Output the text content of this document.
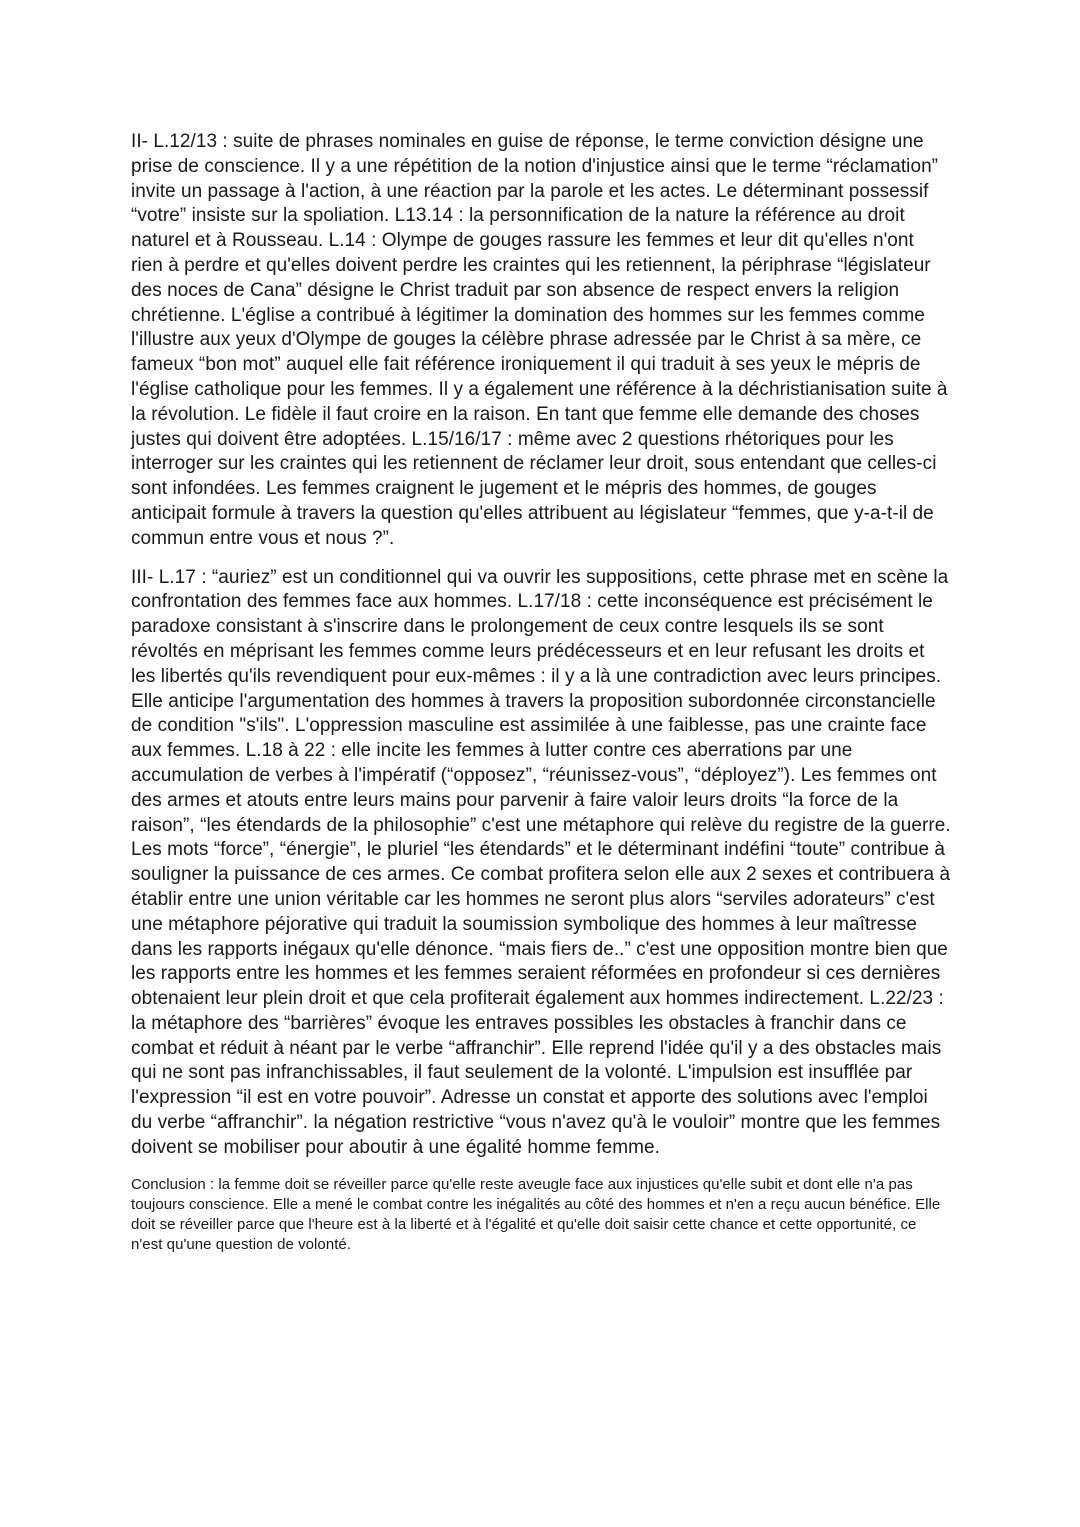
II- L.12/13 : suite de phrases nominales en guise de réponse, le terme conviction désigne une prise de conscience. Il y a une répétition de la notion d'injustice ainsi que le terme “réclamation” invite un passage à l'action, à une réaction par la parole et les actes. Le déterminant possessif “votre” insiste sur la spoliation. L13.14 : la personnification de la nature la référence au droit naturel et à Rousseau. L.14 : Olympe de gouges rassure les femmes et leur dit qu'elles n'ont rien à perdre et qu'elles doivent perdre les craintes qui les retiennent, la périphrase “législateur des noces de Cana” désigne le Christ traduit par son absence de respect envers la religion chrétienne. L'église a contribué à légitimer la domination des hommes sur les femmes comme l'illustre aux yeux d'Olympe de gouges la célèbre phrase adressée par le Christ à sa mère, ce fameux “bon mot” auquel elle fait référence ironiquement il qui traduit à ses yeux le mépris de l'église catholique pour les femmes. Il y a également une référence à la déchristianisation suite à la révolution. Le fidèle il faut croire en la raison. En tant que femme elle demande des choses justes qui doivent être adoptées. L.15/16/17 : même avec 2 questions rhétoriques pour les interroger sur les craintes qui les retiennent de réclamer leur droit, sous entendant que celles-ci sont infondées. Les femmes craignent le jugement et le mépris des hommes, de gouges anticipait formule à travers la question qu'elles attribuent au législateur “femmes, que y-a-t-il de commun entre vous et nous ?”.

III- L.17 : “auriez” est un conditionnel qui va ouvrir les suppositions, cette phrase met en scène la confrontation des femmes face aux hommes. L.17/18 : cette inconséquence est précisément le paradoxe consistant à s'inscrire dans le prolongement de ceux contre lesquels ils se sont révoltés en méprisant les femmes comme leurs prédécesseurs et en leur refusant les droits et les libertés qu'ils revendiquent pour eux-mêmes : il y a là une contradiction avec leurs principes. Elle anticipe l'argumentation des hommes à travers la proposition subordonnée circonstancielle de condition "s'ils". L'oppression masculine est assimilée à une faiblesse, pas une crainte face aux femmes. L.18 à 22 : elle incite les femmes à lutter contre ces aberrations par une accumulation de verbes à l'impératif (“opposez”, “réunissez-vous”, “déployez”). Les femmes ont des armes et atouts entre leurs mains pour parvenir à faire valoir leurs droits “la force de la raison”, “les étendards de la philosophie” c'est une métaphore qui relève du registre de la guerre. Les mots “force”, “énergie”, le pluriel “les étendards” et le déterminant indéfini “toute” contribue à souligner la puissance de ces armes. Ce combat profitera selon elle aux 2 sexes et contribuera à établir entre une union véritable car les hommes ne seront plus alors “serviles adorateurs” c'est une métaphore péjorative qui traduit la soumission symbolique des hommes à leur maîtresse dans les rapports inégaux qu'elle dénonce. “mais fiers de..” c'est une opposition montre bien que les rapports entre les hommes et les femmes seraient réformées en profondeur si ces dernières obtenaient leur plein droit et que cela profiterait également aux hommes indirectement. L.22/23 : la métaphore des “barrières” évoque les entraves possibles les obstacles à franchir dans ce combat et réduit à néant par le verbe “affranchir”. Elle reprend l'idée qu'il y a des obstacles mais qui ne sont pas infranchissables, il faut seulement de la volonté. L'impulsion est insufflée par l'expression “il est en votre pouvoir”. Adresse un constat et apporte des solutions avec l'emploi du verbe “affranchir”. la négation restrictive “vous n'avez qu'à le vouloir” montre que les femmes doivent se mobiliser pour aboutir à une égalité homme femme.

Conclusion : la femme doit se réveiller parce qu'elle reste aveugle face aux injustices qu'elle subit et dont elle n'a pas toujours conscience. Elle a mené le combat contre les inégalités au côté des hommes et n'en a reçu aucun bénéfice. Elle doit se réveiller parce que l'heure est à la liberté et à l'égalité et qu'elle doit saisir cette chance et cette opportunité, ce n'est qu'une question de volonté.
